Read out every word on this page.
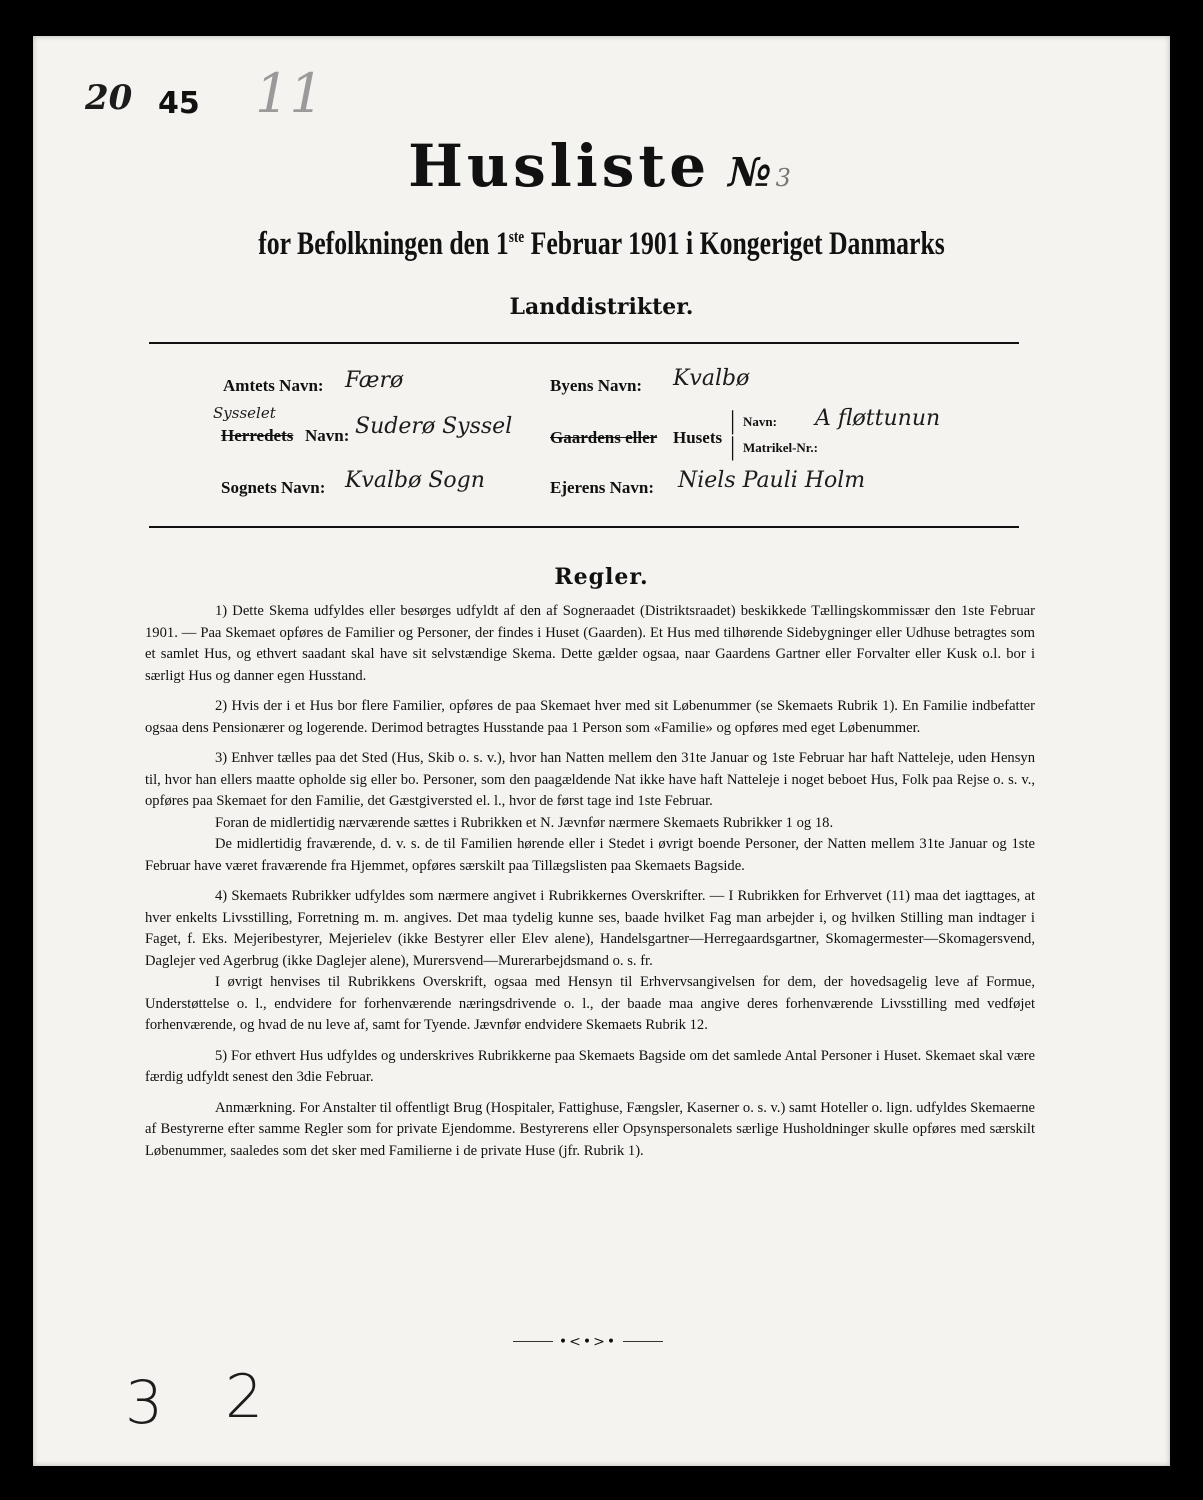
20 45 11
Husliste №3
for Befolkningen den 1ste Februar 1901 i Kongeriget Danmarks
Landdistrikter.
Amtets Navn: Færø
Sysselet
Herredets Navn: Suderø Syssel
Sognets Navn: Kvalbø Sogn
Byens Navn: Kvalbø
Gaardens eller Husets
|
|
Navn:
Matrikel-Nr.:
A fløttunun
Ejerens Navn: Niels Pauli Holm
Regler.

1) Dette Skema udfyldes eller besørges udfyldt af den af Sogneraadet (Distriktsraadet) beskikkede Tællingskommissær den 1ste Februar 1901. — Paa Skemaet opføres de Familier og Personer, der findes i Huset (Gaarden). Et Hus med tilhørende Sidebygninger eller Udhuse betragtes som et samlet Hus, og ethvert saadant skal have sit selvstændige Skema. Dette gælder ogsaa, naar Gaardens Gartner eller Forvalter eller Kusk o.l. bor i særligt Hus og danner egen Husstand.

2) Hvis der i et Hus bor flere Familier, opføres de paa Skemaet hver med sit Løbenummer (se Skemaets Rubrik 1). En Familie indbefatter ogsaa dens Pensionærer og logerende. Derimod betragtes Husstande paa 1 Person som «Familie» og opføres med eget Løbenummer.

3) Enhver tælles paa det Sted (Hus, Skib o. s. v.), hvor han Natten mellem den 31te Januar og 1ste Februar har haft Natteleje, uden Hensyn til, hvor han ellers maatte opholde sig eller bo. Personer, som den paagældende Nat ikke have haft Natteleje i noget beboet Hus, Folk paa Rejse o. s. v., opføres paa Skemaet for den Familie, det Gæstgiversted el. l., hvor de først tage ind 1ste Februar.

Foran de midlertidig nærværende sættes i Rubrikken et N. Jævnfør nærmere Skemaets Rubrikker 1 og 18.

De midlertidig fraværende, d. v. s. de til Familien hørende eller i Stedet i øvrigt boende Personer, der Natten mellem 31te Januar og 1ste Februar have været fraværende fra Hjemmet, opføres særskilt paa Tillægslisten paa Skemaets Bagside.

4) Skemaets Rubrikker udfyldes som nærmere angivet i Rubrikkernes Overskrifter. — I Rubrikken for Erhvervet (11) maa det iagttages, at hver enkelts Livsstilling, Forretning m. m. angives. Det maa tydelig kunne ses, baade hvilket Fag man arbejder i, og hvilken Stilling man indtager i Faget, f. Eks. Mejeribestyrer, Mejerielev (ikke Bestyrer eller Elev alene), Handelsgartner—Herregaardsgartner, Skomagermester—Skomagersvend, Daglejer ved Agerbrug (ikke Daglejer alene), Murersvend—Murerarbejdsmand o. s. fr.

I øvrigt henvises til Rubrikkens Overskrift, ogsaa med Hensyn til Erhvervsangivelsen for dem, der hovedsagelig leve af Formue, Understøttelse o. l., endvidere for forhenværende næringsdrivende o. l., der baade maa angive deres forhenværende Livsstilling med vedføjet forhenværende, og hvad de nu leve af, samt for Tyende. Jævnfør endvidere Skemaets Rubrik 12.

5) For ethvert Hus udfyldes og underskrives Rubrikkerne paa Skemaets Bagside om det samlede Antal Personer i Huset. Skemaet skal være færdig udfyldt senest den 3die Februar.

Anmærkning. For Anstalter til offentligt Brug (Hospitaler, Fattighuse, Fængsler, Kaserner o. s. v.) samt Hoteller o. lign. udfyldes Skemaerne af Bestyrerne efter samme Regler som for private Ejendomme. Bestyrerens eller Opsynspersonalets særlige Husholdninger skulle opføres med særskilt Løbenummer, saaledes som det sker med Familierne i de private Huse (jfr. Rubrik 1).

•<•>•
3 2
